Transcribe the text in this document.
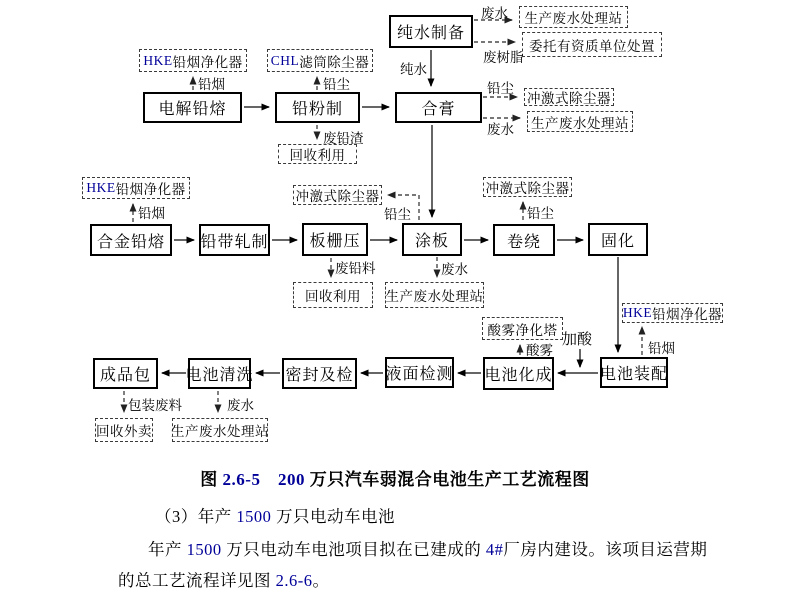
纯水制备
电解铅熔	铅粉制	合膏
合金铅熔 铅带轧制	板栅压	涂板	卷绕	固化
电池装配
电池化成
液面检测
密封及检
电池清洗
成品包
HKE 铅烟净化器 CHL 滤筒除尘器
生产废水处理站
委托有资质单位处置
冲激式除尘器
生产废水处理站
回收利用
HKE 铅烟净化器	冲激式除尘器
冲激式除尘器
回收利用 生产废水处理站
HKE 铅烟净化器
酸雾净化塔
回收外卖 生产废水处理站
铅烟	铅尘
废铅渣
废水
废树脂
纯水
铅尘
废水
铅烟	铅尘	铅尘
废铅料	废水
酸雾
加酸
铅烟
包装废料	废水
图 2.6-5　 200 万只汽车弱混合电池生产工艺流程图
（3）年产 1500 万只电动车电池
年产 1500 万只电动车电池项目拟在已建成的 4#厂房内建设。该项目运营期
的总工艺流程详见图 2.6-6。
